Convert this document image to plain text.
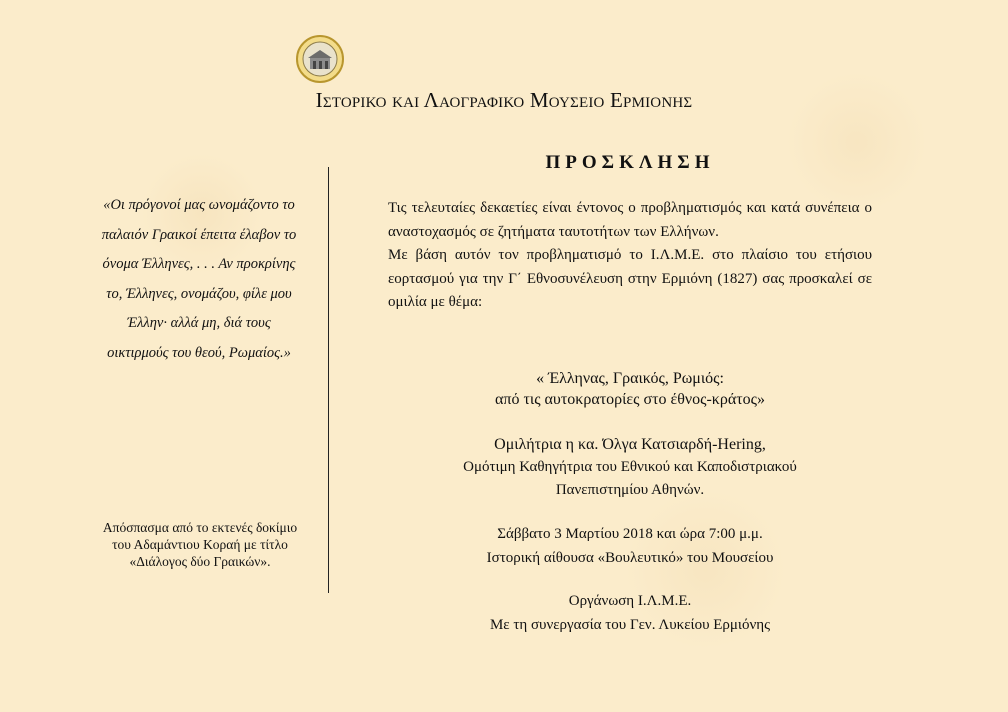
Ιστορικο και Λαογραφικο Μουσειο Ερμιονησ
«Οι πρόγονοί μας ωνομάζοντο το παλαιόν Γραικοί έπειτα έλαβον το όνομα Έλληνες, . . . Αν προκρίνης το, Έλληνες, ονομάζου, φίλε μου Έλλην· αλλά μη, διά τους οικτιρμούς του θεού, Ρωμαίος.»
Απόσπασμα από το εκτενές δοκίμιο του Αδαμάντιου Κοραή με τίτλο «Διάλογος δύο Γραικών».
ΠΡΟΣΚΛΗΣΗ

Τις τελευταίες δεκαετίες είναι έντονος ο προβληματισμός και κατά συνέπεια ο αναστοχασμός σε ζητήματα ταυτοτήτων των Ελλήνων.

Με βάση αυτόν τον προβληματισμό το Ι.Λ.Μ.Ε. στο πλαίσιο του ετήσιου εορτασμού για την Γ΄ Εθνοσυνέλευση στην Ερμιόνη (1827) σας προσκαλεί σε ομιλία με θέμα:

« Έλληνας, Γραικός, Ρωμιός:
από τις αυτοκρατορίες στο έθνος-κράτος»
Ομιλήτρια η κα. Όλγα Κατσιαρδή-Hering,
Ομότιμη Καθηγήτρια του Εθνικού και Καποδιστριακού
Πανεπιστημίου Αθηνών.
Σάββατο 3 Μαρτίου 2018 και ώρα 7:00 μ.μ.
Ιστορική αίθουσα «Βουλευτικό» του Μουσείου
Οργάνωση Ι.Λ.Μ.Ε.
Με τη συνεργασία του Γεν. Λυκείου Ερμιόνης
